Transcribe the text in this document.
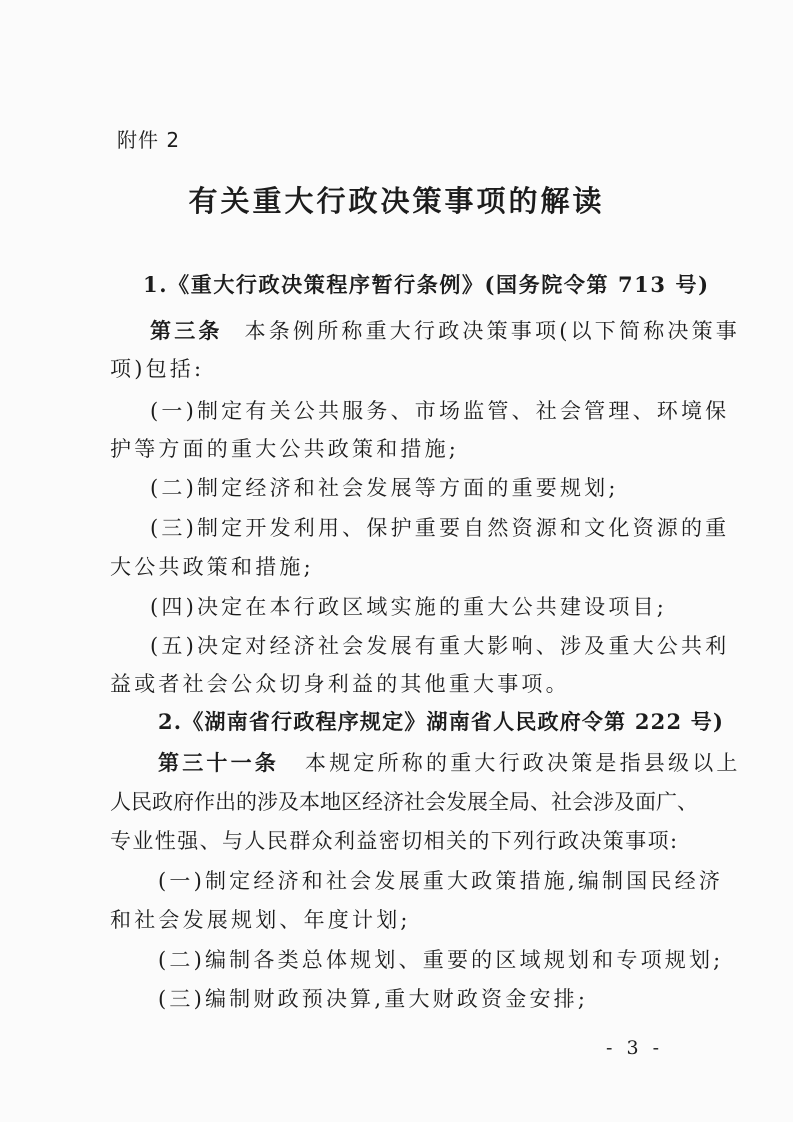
附件 2
有关重大行政决策事项的解读
1.《重大行政决策程序暂行条例》(国务院令第 713 号)
第三条 本条例所称重大行政决策事项(以下简称决策事
项)包括:
(一)制定有关公共服务、市场监管、社会管理、环境保
护等方面的重大公共政策和措施;
(二)制定经济和社会发展等方面的重要规划;
(三)制定开发利用、保护重要自然资源和文化资源的重
大公共政策和措施;
(四)决定在本行政区域实施的重大公共建设项目;
(五)决定对经济社会发展有重大影响、涉及重大公共利
益或者社会公众切身利益的其他重大事项。
2.《湖南省行政程序规定》湖南省人民政府令第 222 号)
第三十一条 本规定所称的重大行政决策是指县级以上
人民政府作出的涉及本地区经济社会发展全局、社会涉及面广、
专业性强、与人民群众利益密切相关的下列行政决策事项:
(一)制定经济和社会发展重大政策措施,编制国民经济
和社会发展规划、年度计划;
(二)编制各类总体规划、重要的区域规划和专项规划;
(三)编制财政预决算,重大财政资金安排;
- 3 -
